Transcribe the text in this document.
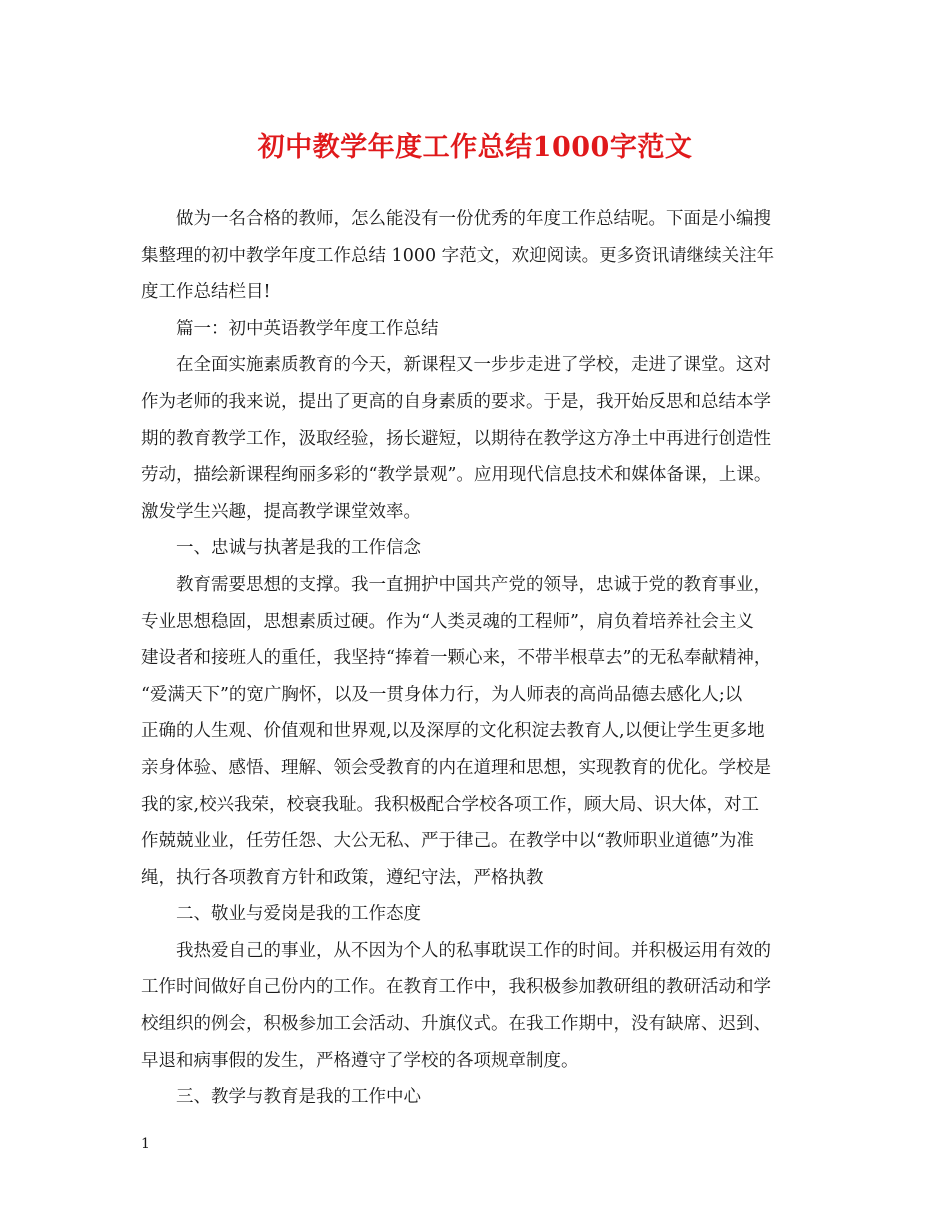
初中教学年度工作总结1000字范文

做为一名合格的教师，怎么能没有一份优秀的年度工作总结呢。下面是小编搜
集整理的初中教学年度工作总结 1000 字范文，欢迎阅读。更多资讯请继续关注年
度工作总结栏目!

篇一：初中英语教学年度工作总结

在全面实施素质教育的今天，新课程又一步步走进了学校，走进了课堂。这对
作为老师的我来说，提出了更高的自身素质的要求。于是，我开始反思和总结本学
期的教育教学工作，汲取经验，扬长避短，以期待在教学这方净土中再进行创造性
劳动，描绘新课程绚丽多彩的“教学景观”。应用现代信息技术和媒体备课，上课。
激发学生兴趣，提高教学课堂效率。

一、忠诚与执著是我的工作信念

教育需要思想的支撑。我一直拥护中国共产党的领导，忠诚于党的教育事业，
专业思想稳固，思想素质过硬。作为“人类灵魂的工程师”，肩负着培养社会主义
建设者和接班人的重任，我坚持“捧着一颗心来，不带半根草去”的无私奉献精神，
“爱满天下”的宽广胸怀，以及一贯身体力行，为人师表的高尚品德去感化人;以
正确的人生观、价值观和世界观,以及深厚的文化积淀去教育人,以便让学生更多地
亲身体验、感悟、理解、领会受教育的内在道理和思想，实现教育的优化。学校是
我的家,校兴我荣，校衰我耻。我积极配合学校各项工作，顾大局、识大体，对工
作兢兢业业，任劳任怨、大公无私、严于律己。在教学中以“教师职业道德”为准
绳，执行各项教育方针和政策，遵纪守法，严格执教

二、敬业与爱岗是我的工作态度

我热爱自己的事业，从不因为个人的私事耽误工作的时间。并积极运用有效的
工作时间做好自己份内的工作。在教育工作中，我积极参加教研组的教研活动和学
校组织的例会，积极参加工会活动、升旗仪式。在我工作期中，没有缺席、迟到、
早退和病事假的发生，严格遵守了学校的各项规章制度。

三、教学与教育是我的工作中心

1
